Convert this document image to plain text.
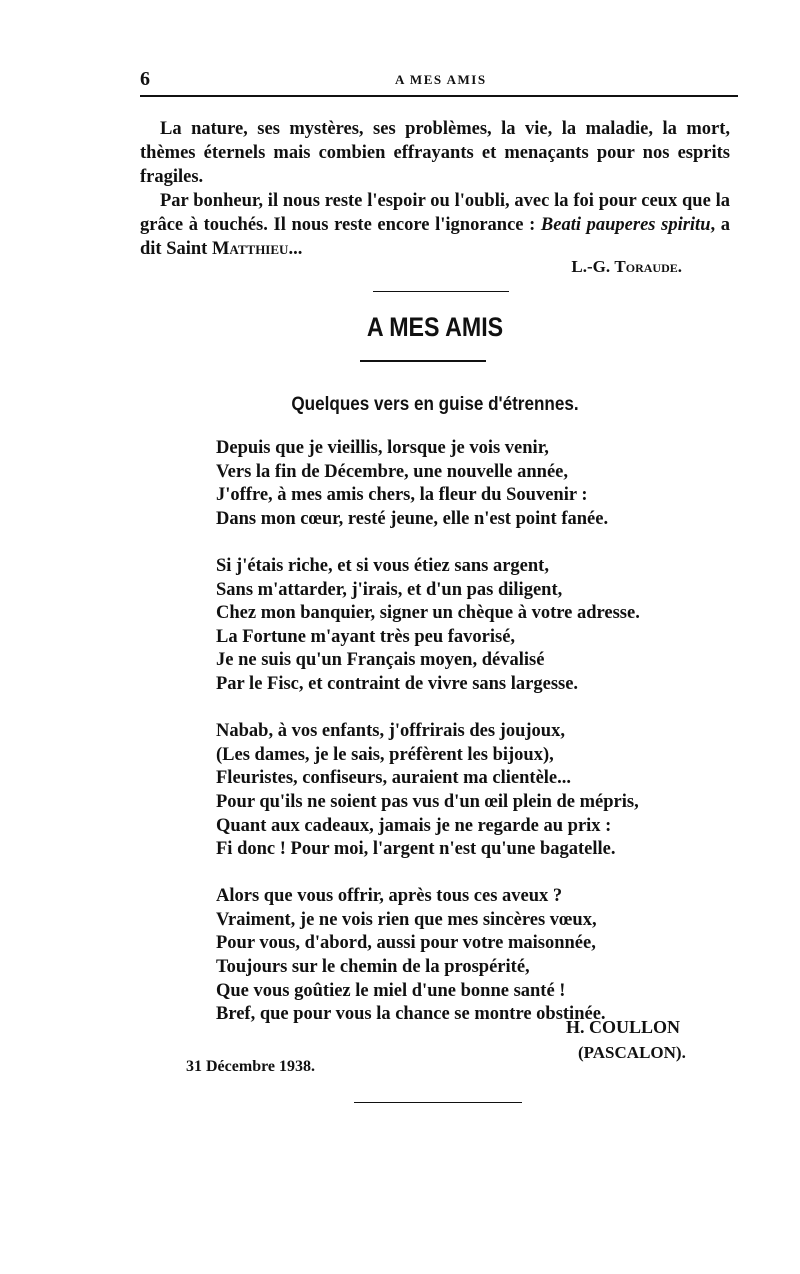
6	A MES AMIS

La nature, ses mystères, ses problèmes, la vie, la maladie, la mort, thèmes éternels mais combien effrayants et menaçants pour nos esprits fragiles.

Par bonheur, il nous reste l'espoir ou l'oubli, avec la foi pour ceux que la grâce à touchés. Il nous reste encore l'ignorance : Beati pauperes spiritu, a dit Saint Matthieu...

L.-G. Toraude.
A MES AMIS
Quelques vers en guise d'étrennes.
Depuis que je vieillis, lorsque je vois venir,
Vers la fin de Décembre, une nouvelle année,
J'offre, à mes amis chers, la fleur du Souvenir :
Dans mon cœur, resté jeune, elle n'est point fanée.
Si j'étais riche, et si vous étiez sans argent,
Sans m'attarder, j'irais, et d'un pas diligent,
Chez mon banquier, signer un chèque à votre adresse.
La Fortune m'ayant très peu favorisé,
Je ne suis qu'un Français moyen, dévalisé
Par le Fisc, et contraint de vivre sans largesse.
Nabab, à vos enfants, j'offrirais des joujoux,
(Les dames, je le sais, préfèrent les bijoux),
Fleuristes, confiseurs, auraient ma clientèle...
Pour qu'ils ne soient pas vus d'un œil plein de mépris,
Quant aux cadeaux, jamais je ne regarde au prix :
Fi donc ! Pour moi, l'argent n'est qu'une bagatelle.
Alors que vous offrir, après tous ces aveux ?
Vraiment, je ne vois rien que mes sincères vœux,
Pour vous, d'abord, aussi pour votre maisonnée,
Toujours sur le chemin de la prospérité,
Que vous goûtiez le miel d'une bonne santé !
Bref, que pour vous la chance se montre obstinée.
H. COULLON
(PASCALON).
31 Décembre 1938.
